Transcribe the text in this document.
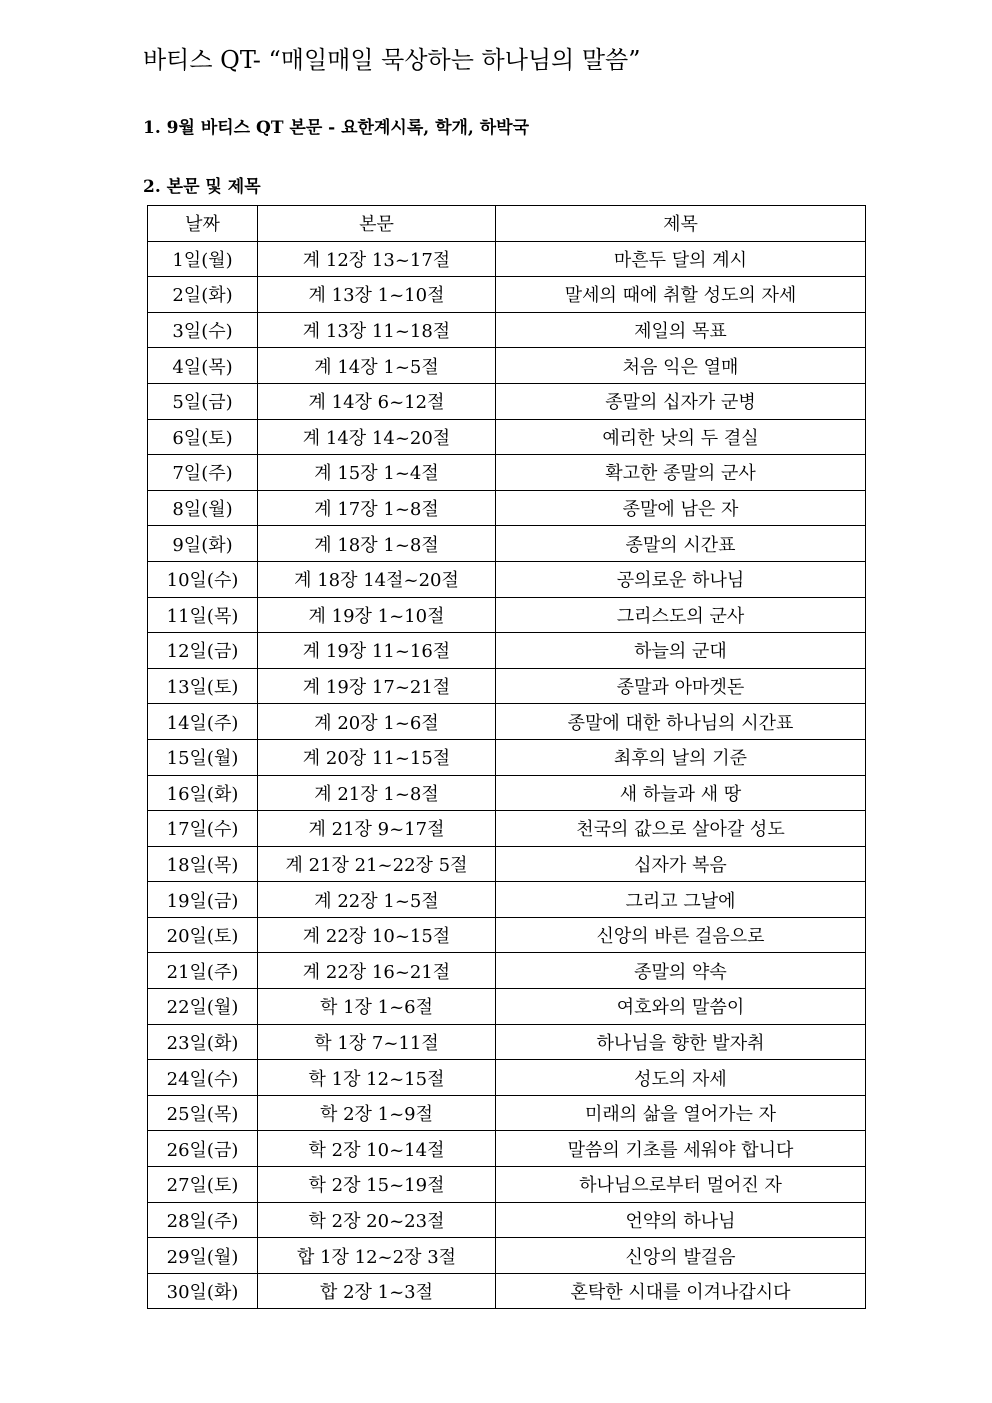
바티스 QT- “매일매일 묵상하는 하나님의 말씀”
1. 9월 바티스 QT 본문 - 요한계시록, 학개, 하박국
2. 본문 및 제목
날짜	본문	제목
1일(월)	계 12장 13~17절	마흔두 달의 계시
2일(화)	계 13장 1~10절	말세의 때에 취할 성도의 자세
3일(수)	계 13장 11~18절	제일의 목표
4일(목)	계 14장 1~5절	처음 익은 열매
5일(금)	계 14장 6~12절	종말의 십자가 군병
6일(토)	계 14장 14~20절	예리한 낫의 두 결실
7일(주)	계 15장 1~4절	확고한 종말의 군사
8일(월)	계 17장 1~8절	종말에 남은 자
9일(화)	계 18장 1~8절	종말의 시간표
10일(수)	계 18장 14절~20절	공의로운 하나님
11일(목)	계 19장 1~10절	그리스도의 군사
12일(금)	계 19장 11~16절	하늘의 군대
13일(토)	계 19장 17~21절	종말과 아마겟돈
14일(주)	계 20장 1~6절	종말에 대한 하나님의 시간표
15일(월)	계 20장 11~15절	최후의 날의 기준
16일(화)	계 21장 1~8절	새 하늘과 새 땅
17일(수)	계 21장 9~17절	천국의 값으로 살아갈 성도
18일(목)	계 21장 21~22장 5절	십자가 복음
19일(금)	계 22장 1~5절	그리고 그날에
20일(토)	계 22장 10~15절	신앙의 바른 걸음으로
21일(주)	계 22장 16~21절	종말의 약속
22일(월)	학 1장 1~6절	여호와의 말씀이
23일(화)	학 1장 7~11절	하나님을 향한 발자취
24일(수)	학 1장 12~15절	성도의 자세
25일(목)	학 2장 1~9절	미래의 삶을 열어가는 자
26일(금)	학 2장 10~14절	말씀의 기초를 세워야 합니다
27일(토)	학 2장 15~19절	하나님으로부터 멀어진 자
28일(주)	학 2장 20~23절	언약의 하나님
29일(월)	합 1장 12~2장 3절	신앙의 발걸음
30일(화)	합 2장 1~3절	혼탁한 시대를 이겨나갑시다
